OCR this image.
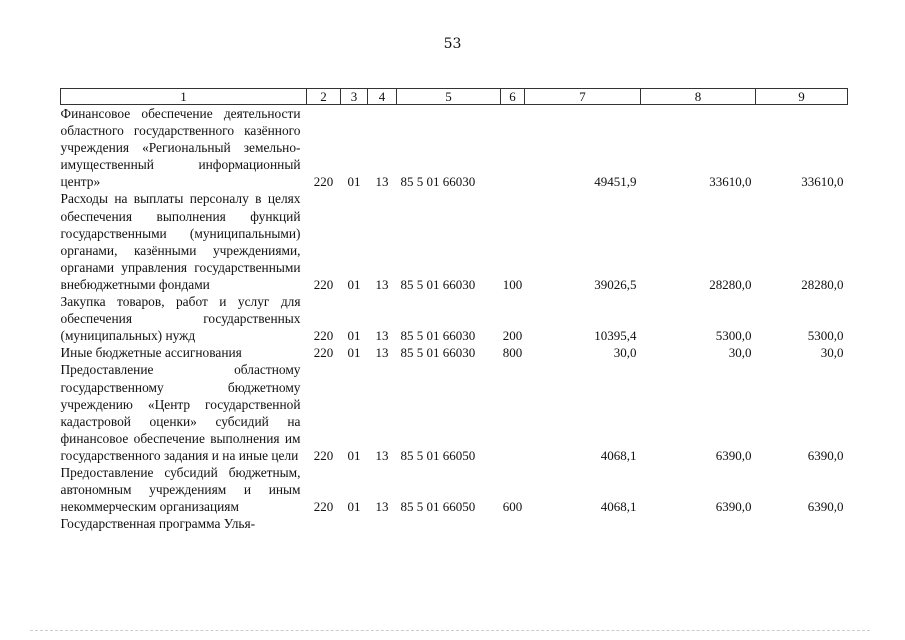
53
1	2	3	4	5	6	7	8	9
Финансовое обеспечение деятельности областного государственного казённого учреждения «Региональный земельно-имущественный информационный центр»	220	01	13	85 5 01 66030		49451,9	33610,0	33610,0
Расходы на выплаты персоналу в целях обеспечения выполнения функций государственными (муниципальными) органами, казёнными учреждениями, органами управления государственными внебюджетными фондами	220	01	13	85 5 01 66030	100	39026,5	28280,0	28280,0
Закупка товаров, работ и услуг для обеспечения государственных (муниципальных) нужд	220	01	13	85 5 01 66030	200	10395,4	5300,0	5300,0
Иные бюджетные ассигнования	220	01	13	85 5 01 66030	800	30,0	30,0	30,0
Предоставление областному государственному бюджетному учреждению «Центр государственной кадастровой оценки» субсидий на финансовое обеспечение выполнения им государственного задания и на иные цели	220	01	13	85 5 01 66050		4068,1	6390,0	6390,0
Предоставление субсидий бюджетным, автономным учреждениям и иным некоммерческим организациям	220	01	13	85 5 01 66050	600	4068,1	6390,0	6390,0
Государственная программа Улья-								
